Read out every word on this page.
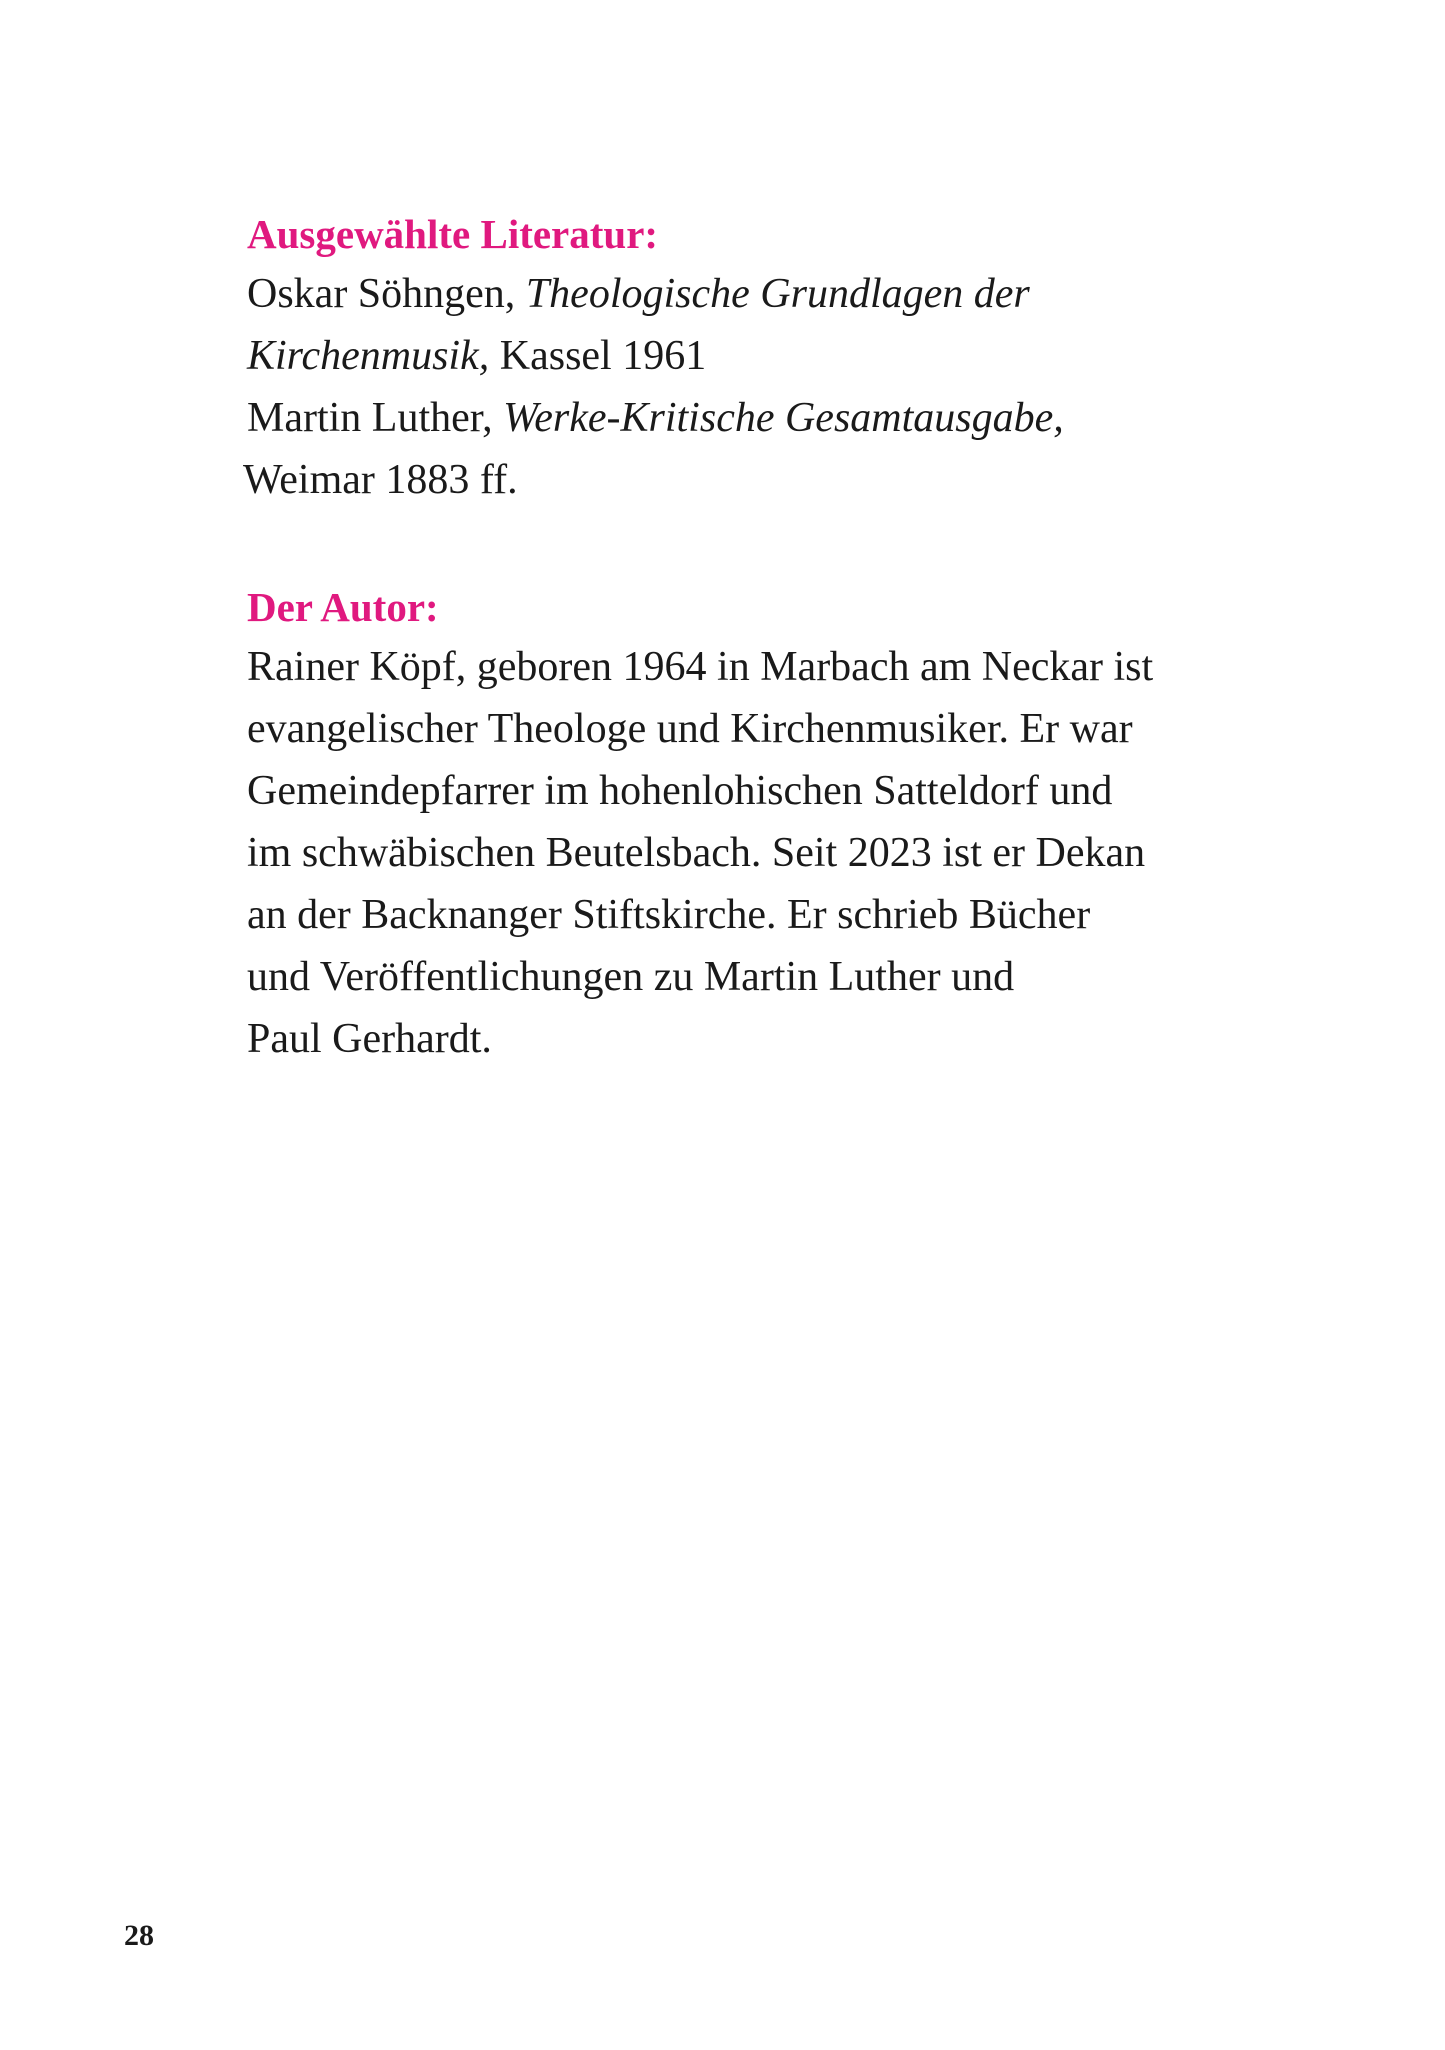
Ausgewählte Literatur:

Oskar Söhngen, Theologische Grundlagen der

Kirchenmusik, Kassel 1961

Martin Luther, Werke-Kritische Gesamtausgabe,

Weimar 1883 ff.

Der Autor:

Rainer Köpf, geboren 1964 in Marbach am Neckar ist

evangelischer Theologe und Kirchenmusiker. Er war

Gemeindepfarrer im hohenlohischen Satteldorf und

im schwäbischen Beutelsbach. Seit 2023 ist er Dekan

an der Backnanger Stiftskirche. Er schrieb Bücher

und Veröffentlichungen zu Martin Luther und

Paul Gerhardt.

28
